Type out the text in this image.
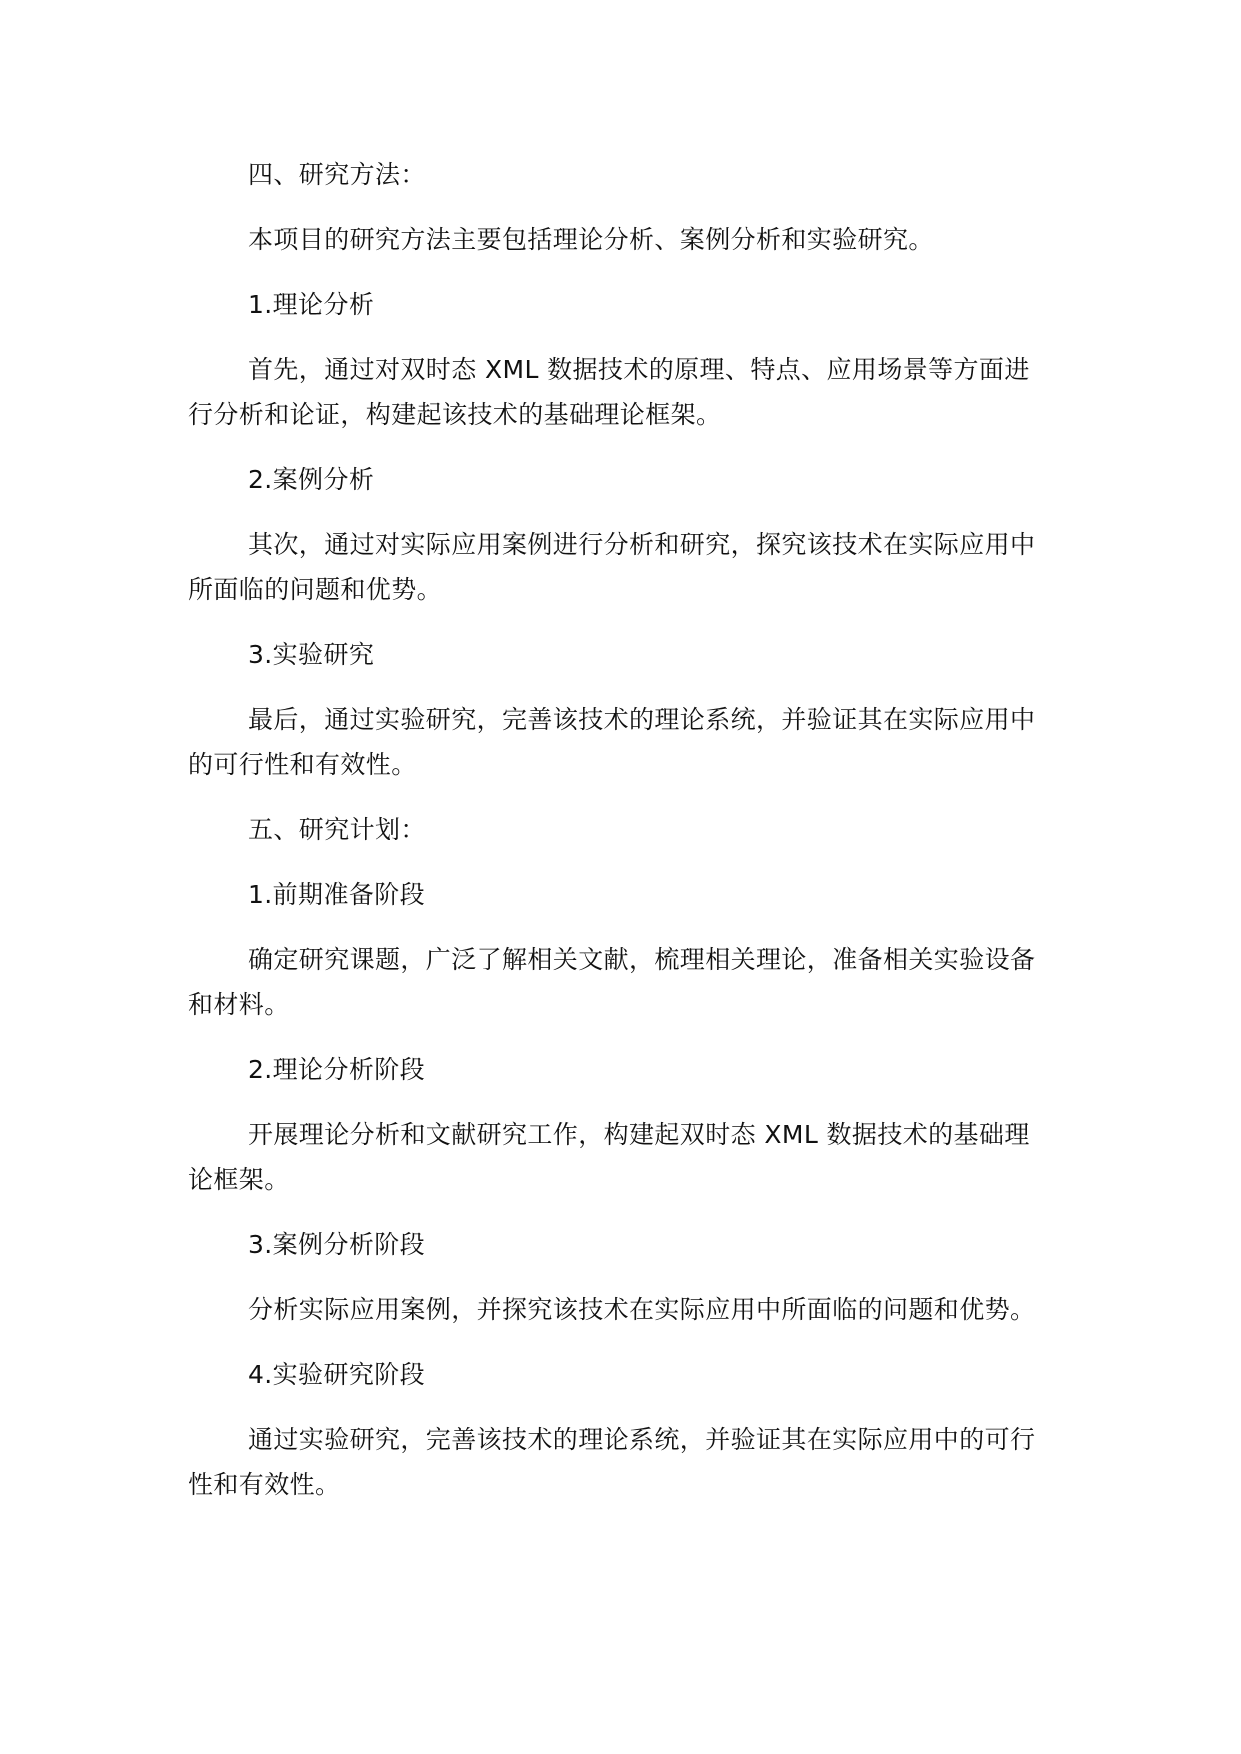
四、研究方法：

本项目的研究方法主要包括理论分析、案例分析和实验研究。

1.理论分析

首先，通过对双时态 XML 数据技术的原理、特点、应用场景等方面进行分析和论证，构建起该技术的基础理论框架。

2.案例分析

其次，通过对实际应用案例进行分析和研究，探究该技术在实际应用中所面临的问题和优势。

3.实验研究

最后，通过实验研究，完善该技术的理论系统，并验证其在实际应用中的可行性和有效性。

五、研究计划：

1.前期准备阶段

确定研究课题，广泛了解相关文献，梳理相关理论，准备相关实验设备和材料。

2.理论分析阶段

开展理论分析和文献研究工作，构建起双时态 XML 数据技术的基础理论框架。

3.案例分析阶段

分析实际应用案例，并探究该技术在实际应用中所面临的问题和优势。

4.实验研究阶段

通过实验研究，完善该技术的理论系统，并验证其在实际应用中的可行性和有效性。
